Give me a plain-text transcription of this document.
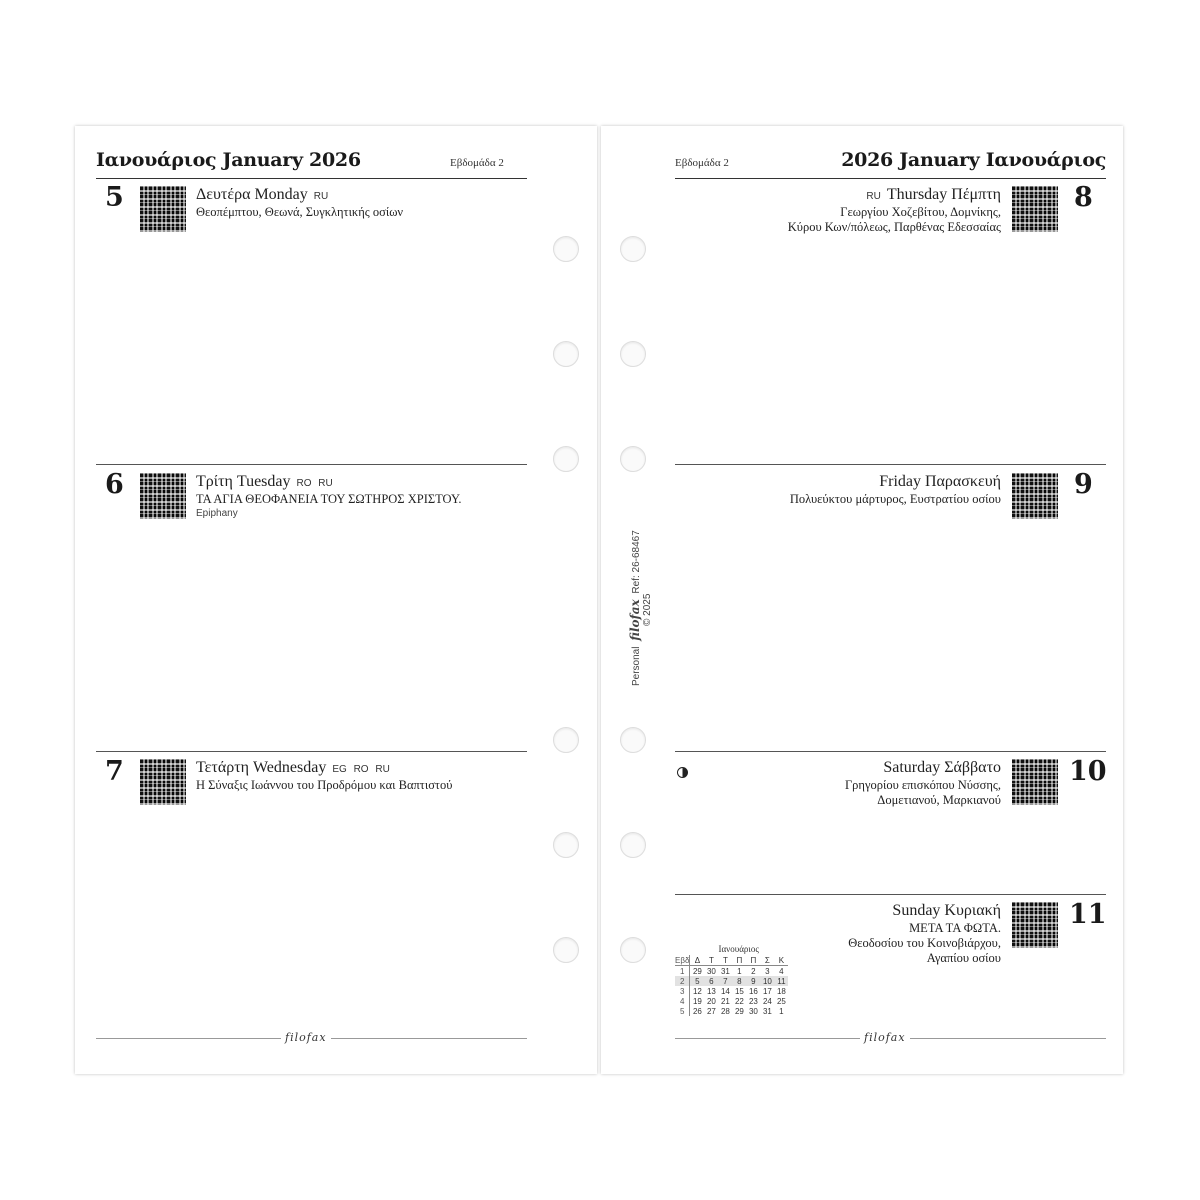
Ιανουάριος January 2026	Εβδομάδα 2
5	Δευτέρα Monday RU
Θεοπέμπτου, Θεωνά, Συγκλητικής οσίων
6	Τρίτη Tuesday RO RU
ΤΑ ΑΓΙΑ ΘΕΟΦΑΝΕΙΑ ΤΟΥ ΣΩΤΗΡΟΣ ΧΡΙΣΤΟΥ.
Epiphany
7	Τετάρτη Wednesday EG RO RU
Η Σύναξις Ιωάννου του Προδρόμου και Βαπτιστού
filofax
Εβδομάδα 2	2026 January Ιανουάριος
RU Thursday Πέμπτη
Γεωργίου Χοζεβίτου, Δομνίκης,
Κύρου Κων/πόλεως, Παρθένας Εδεσσαίας
8
Friday Παρασκευή
Πολυεύκτου μάρτυρος, Ευστρατίου οσίου	9
Saturday Σάββατο
Γρηγορίου επισκόπου Νύσσης,
Δομετιανού, Μαρκιανού
10
Sunday Κυριακή
ΜΕΤΑ ΤΑ ΦΩΤΑ.
Θεοδοσίου του Κοινοβιάρχου,
Αγαπίου οσίου
11
filofax
Personal filofax Ref: 26-68467
© 2025
Ιανουάριος
Εβδ	Δ	Τ	Τ	Π	Π	Σ	Κ
1	29	30	31	1	2	3	4
2	5	6	7	8	9	10	11
3	12	13	14	15	16	17	18
4	19	20	21	22	23	24	25
5	26	27	28	29	30	31	1
